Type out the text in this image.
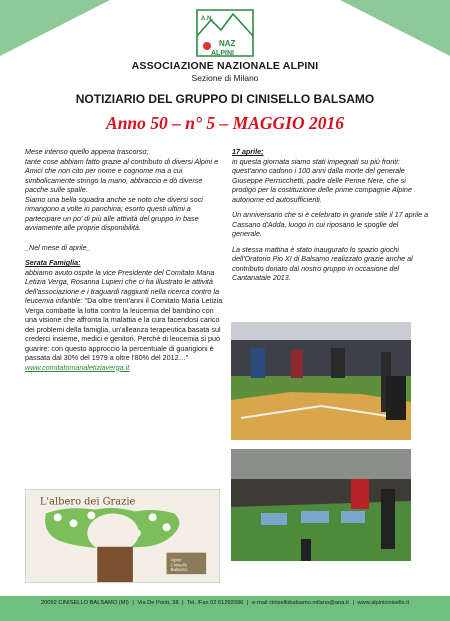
NAZ
ALPINI
A.N.
ASSOCIAZIONE NAZIONALE ALPINI
Sezione di Milano
NOTIZIARIO DEL GRUPPO DI CINISELLO BALSAMO
Anno 50 – n° 5 – MAGGIO 2016

Mese intenso quello appena trascorso;
tante cose abbiam fatto grazie al contributo di diversi Alpini e Amici che non cito per nome e cognome ma a cui simbolicamente stringo la mano, abbraccio e dò diverse pacche sulle spalle.
Siamo una bella squadra anche se noto che diversi soci rimangono a volte in panchina; esorto questi ultimi a partecipare un po' di più alle attività del gruppo in base avviamente alle proprie disponibilità.

_Nel mese di aprile_

Serata Famiglia:
abbiamo avuto ospite la vice Presidente del Comitato Maria Letizia Verga, Rosanna Lupieri che ci ha illustrato le attività dell'associazione e i traguardi raggiunti nella ricerca contro la leucemia infantile: "Da oltre trent'anni il Comitato Maria Letizia Verga combatte la lotta contro la leucemia del bambino con una visione che affronta la malattia e la cura facendosi carico dei problemi della famiglia, un'alleanza terapeutica basata sul crederci insieme, medici e genitori. Perché di leucemia si può guarire: con questo approccio la percentuale di guarigioni è passata dal 30% del 1979 a oltre l'80% del 2012…"
www.comitatomarialetiziaverga.it

17 aprile;
in questa giornata siamo stati impegnati su più fronti:

quest'anno cadono i 100 anni dalla morte del generale Giuseppe Perrucchetti, padre delle Penne Nere, che si prodigò per la costituzione delle prime compagnie Alpine autonome ed autosufficienti.

Un anniversario che si è celebrato in grande stile il 17 aprile a Cassano d'Adda, luogo in cui riposano le spoglie del generale.

La stessa mattina è stato inaugurato lo spazio giochi dell'Oratorio Pio XI di Balsamo realizzato grazie anche al contributo donato dal nostro gruppo in occasione del Cantanatale 2013.

L'albero dei Grazie
Alpini
Cinisello
Balsamo
20092 CINISELLO BALSAMO (MI) | Via De Ponti, 38 | Tel. /Fax 02 61293996 | e-mail cinisellobalsamo.milano@ana.it | www.alpinicinisello.it
